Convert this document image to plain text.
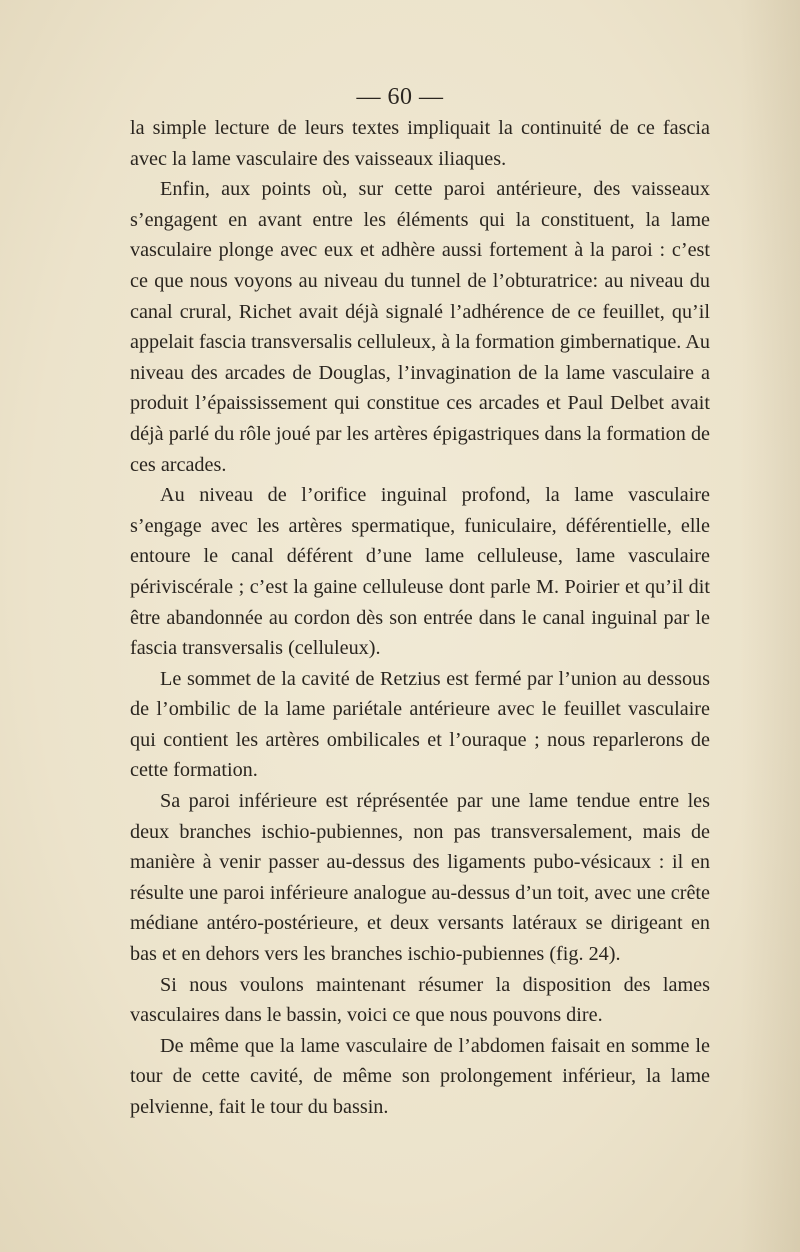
— 60 —

la simple lecture de leurs textes impliquait la continuité de ce fascia avec la lame vasculaire des vaisseaux iliaques.

Enfin, aux points où, sur cette paroi antérieure, des vaisseaux s’engagent en avant entre les éléments qui la constituent, la lame vasculaire plonge avec eux et adhère aussi fortement à la paroi : c’est ce que nous voyons au niveau du tunnel de l’obturatrice: au niveau du canal crural, Richet avait déjà signalé l’adhérence de ce feuillet, qu’il appelait fascia transversalis celluleux, à la formation gimbernatique. Au niveau des arcades de Douglas, l’invagination de la lame vasculaire a produit l’épaississement qui constitue ces arcades et Paul Delbet avait déjà parlé du rôle joué par les artères épigastriques dans la formation de ces arcades.

Au niveau de l’orifice inguinal profond, la lame vasculaire s’engage avec les artères spermatique, funiculaire, déférentielle, elle entoure le canal déférent d’une lame celluleuse, lame vasculaire périviscérale ; c’est la gaine celluleuse dont parle M. Poirier et qu’il dit être abandonnée au cordon dès son entrée dans le canal inguinal par le fascia transversalis (celluleux).

Le sommet de la cavité de Retzius est fermé par l’union au dessous de l’ombilic de la lame pariétale antérieure avec le feuillet vasculaire qui contient les artères ombilicales et l’ouraque ; nous reparlerons de cette formation.

Sa paroi inférieure est réprésentée par une lame tendue entre les deux branches ischio-pubiennes, non pas transversalement, mais de manière à venir passer au-dessus des ligaments pubo-vésicaux : il en résulte une paroi inférieure analogue au-dessus d’un toit, avec une crête médiane antéro-postérieure, et deux versants latéraux se dirigeant en bas et en dehors vers les branches ischio-pubiennes (fig. 24).

Si nous voulons maintenant résumer la disposition des lames vasculaires dans le bassin, voici ce que nous pouvons dire.

De même que la lame vasculaire de l’abdomen faisait en somme le tour de cette cavité, de même son prolongement inférieur, la lame pelvienne, fait le tour du bassin.
